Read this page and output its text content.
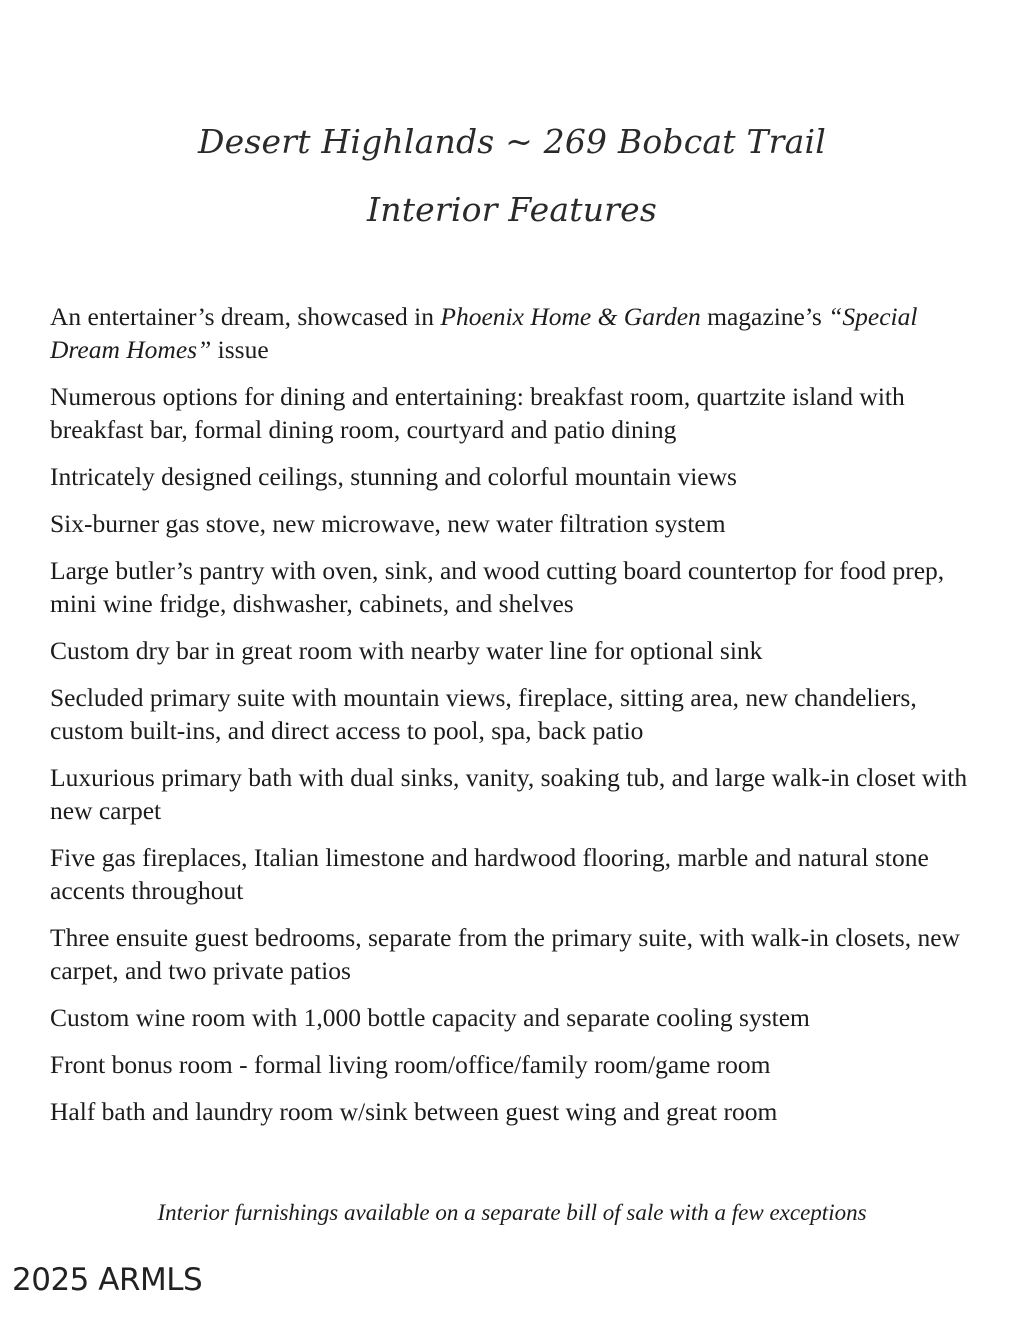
Desert Highlands ~ 269 Bobcat Trail
Interior Features
An entertainer’s dream, showcased in Phoenix Home & Garden magazine’s “Special Dream Homes” issue
Numerous options for dining and entertaining: breakfast room, quartzite island with breakfast bar, formal dining room, courtyard and patio dining
Intricately designed ceilings, stunning and colorful mountain views
Six-burner gas stove, new microwave, new water filtration system
Large butler’s pantry with oven, sink, and wood cutting board countertop for food prep, mini wine fridge, dishwasher, cabinets, and shelves
Custom dry bar in great room with nearby water line for optional sink
Secluded primary suite with mountain views, fireplace, sitting area, new chandeliers, custom built-ins, and direct access to pool, spa, back patio
Luxurious primary bath with dual sinks, vanity, soaking tub, and large walk-in closet with new carpet
Five gas fireplaces, Italian limestone and hardwood flooring, marble and natural stone accents throughout
Three ensuite guest bedrooms, separate from the primary suite, with walk-in closets, new carpet, and two private patios
Custom wine room with 1,000 bottle capacity and separate cooling system
Front bonus room - formal living room/office/family room/game room
Half bath and laundry room w/sink between guest wing and great room
Interior furnishings available on a separate bill of sale with a few exceptions
2025 ARMLS
